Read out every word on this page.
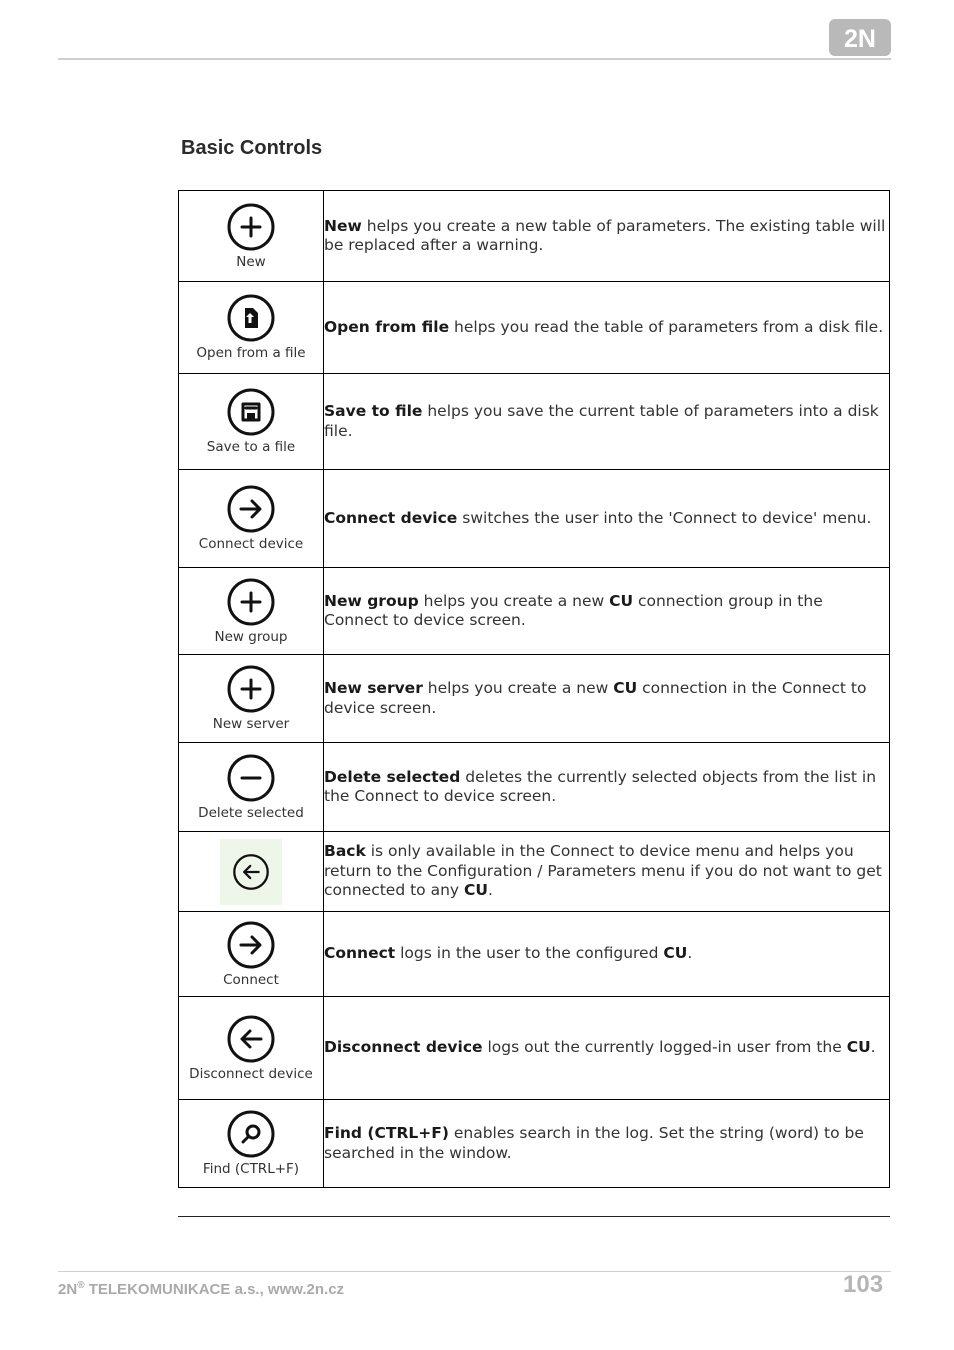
2N
Basic Controls
New	New helps you create a new table of parameters. The existing table will be replaced after a warning.

Open from a file	Open from file helps you read the table of parameters from a disk file.

Save to a file	Save to file helps you save the current table of parameters into a disk file.

Connect device	Connect device switches the user into the 'Connect to device' menu.

New group	New group helps you create a new CU connection group in the Connect to device screen.

New server	New server helps you create a new CU connection in the Connect to device screen.

Delete selected	Delete selected deletes the currently selected objects from the list in the Connect to device screen.

	Back is only available in the Connect to device menu and helps you return to the Configuration / Parameters menu if you do not want to get connected to any CU.

Connect	Connect logs in the user to the configured CU.

Disconnect device	Disconnect device logs out the currently logged-in user from the CU.

Find (CTRL+F)	Find (CTRL+F) enables search in the log. Set the string (word) to be searched in the window.
2N® TELEKOMUNIKACE a.s., www.2n.cz	103
